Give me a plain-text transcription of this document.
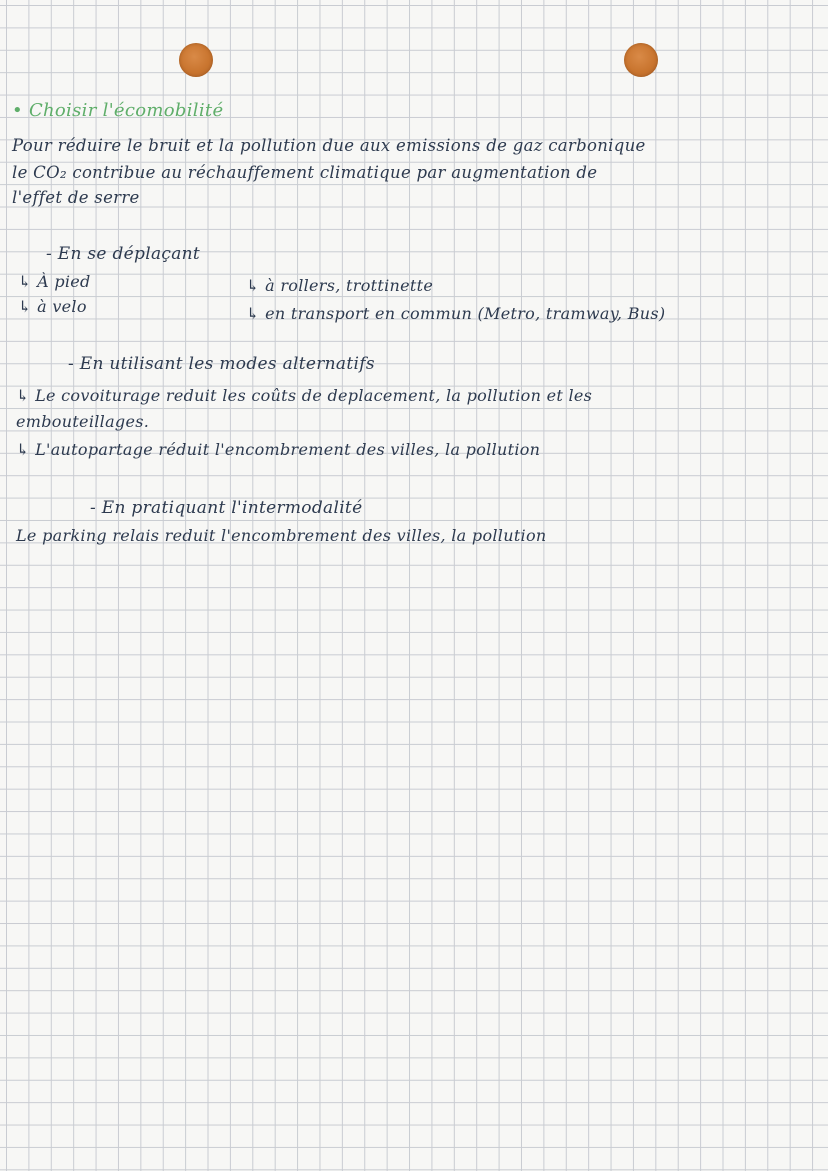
• Choisir l'écomobilité
Pour réduire le bruit et la pollution due aux emissions de gaz carbonique
le CO₂ contribue au réchauffement climatique par augmentation de
l'effet de serre
- En se déplaçant
↳ À pied
↳ à velo
↳ à rollers, trottinette
↳ en transport en commun (Metro, tramway, Bus)
- En utilisant les modes alternatifs
↳ Le covoiturage reduit les coûts de deplacement, la pollution et les
embouteillages.
↳ L'autopartage réduit l'encombrement des villes, la pollution
- En pratiquant l'intermodalité
Le parking relais reduit l'encombrement des villes, la pollution
